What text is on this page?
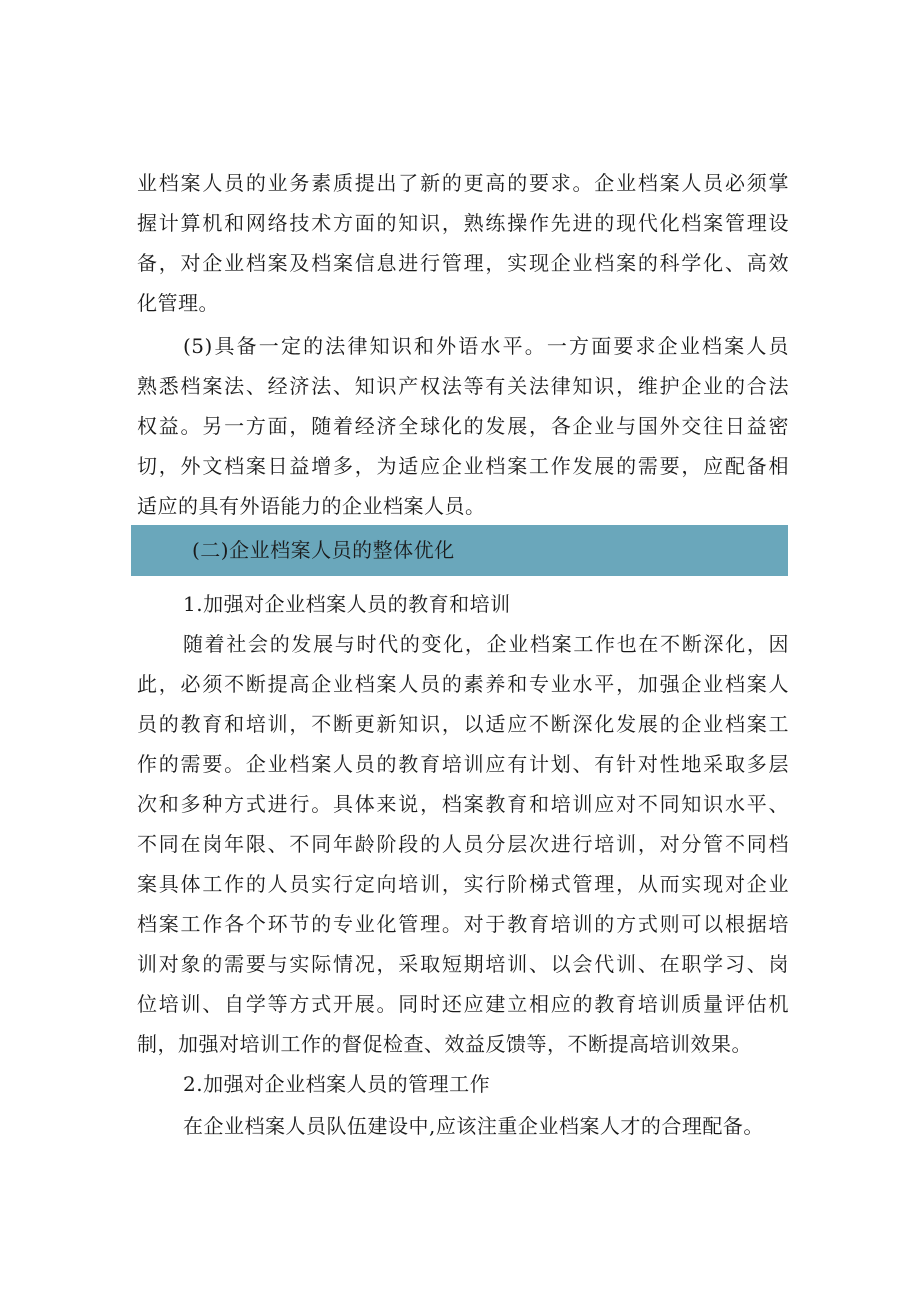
业档案人员的业务素质提出了新的更高的要求。企业档案人员必须掌
握计算机和网络技术方面的知识，熟练操作先进的现代化档案管理设
备，对企业档案及档案信息进行管理，实现企业档案的科学化、高效
化管理。
(5)具备一定的法律知识和外语水平。一方面要求企业档案人员
熟悉档案法、经济法、知识产权法等有关法律知识，维护企业的合法
权益。另一方面，随着经济全球化的发展，各企业与国外交往日益密
切，外文档案日益增多，为适应企业档案工作发展的需要，应配备相
适应的具有外语能力的企业档案人员。
(二)企业档案人员的整体优化
1.加强对企业档案人员的教育和培训
随着社会的发展与时代的变化，企业档案工作也在不断深化，因
此，必须不断提高企业档案人员的素养和专业水平，加强企业档案人
员的教育和培训，不断更新知识，以适应不断深化发展的企业档案工
作的需要。企业档案人员的教育培训应有计划、有针对性地采取多层
次和多种方式进行。具体来说，档案教育和培训应对不同知识水平、
不同在岗年限、不同年龄阶段的人员分层次进行培训，对分管不同档
案具体工作的人员实行定向培训，实行阶梯式管理，从而实现对企业
档案工作各个环节的专业化管理。对于教育培训的方式则可以根据培
训对象的需要与实际情况，采取短期培训、以会代训、在职学习、岗
位培训、自学等方式开展。同时还应建立相应的教育培训质量评估机
制，加强对培训工作的督促检查、效益反馈等，不断提高培训效果。
2.加强对企业档案人员的管理工作
在企业档案人员队伍建设中,应该注重企业档案人才的合理配备。
